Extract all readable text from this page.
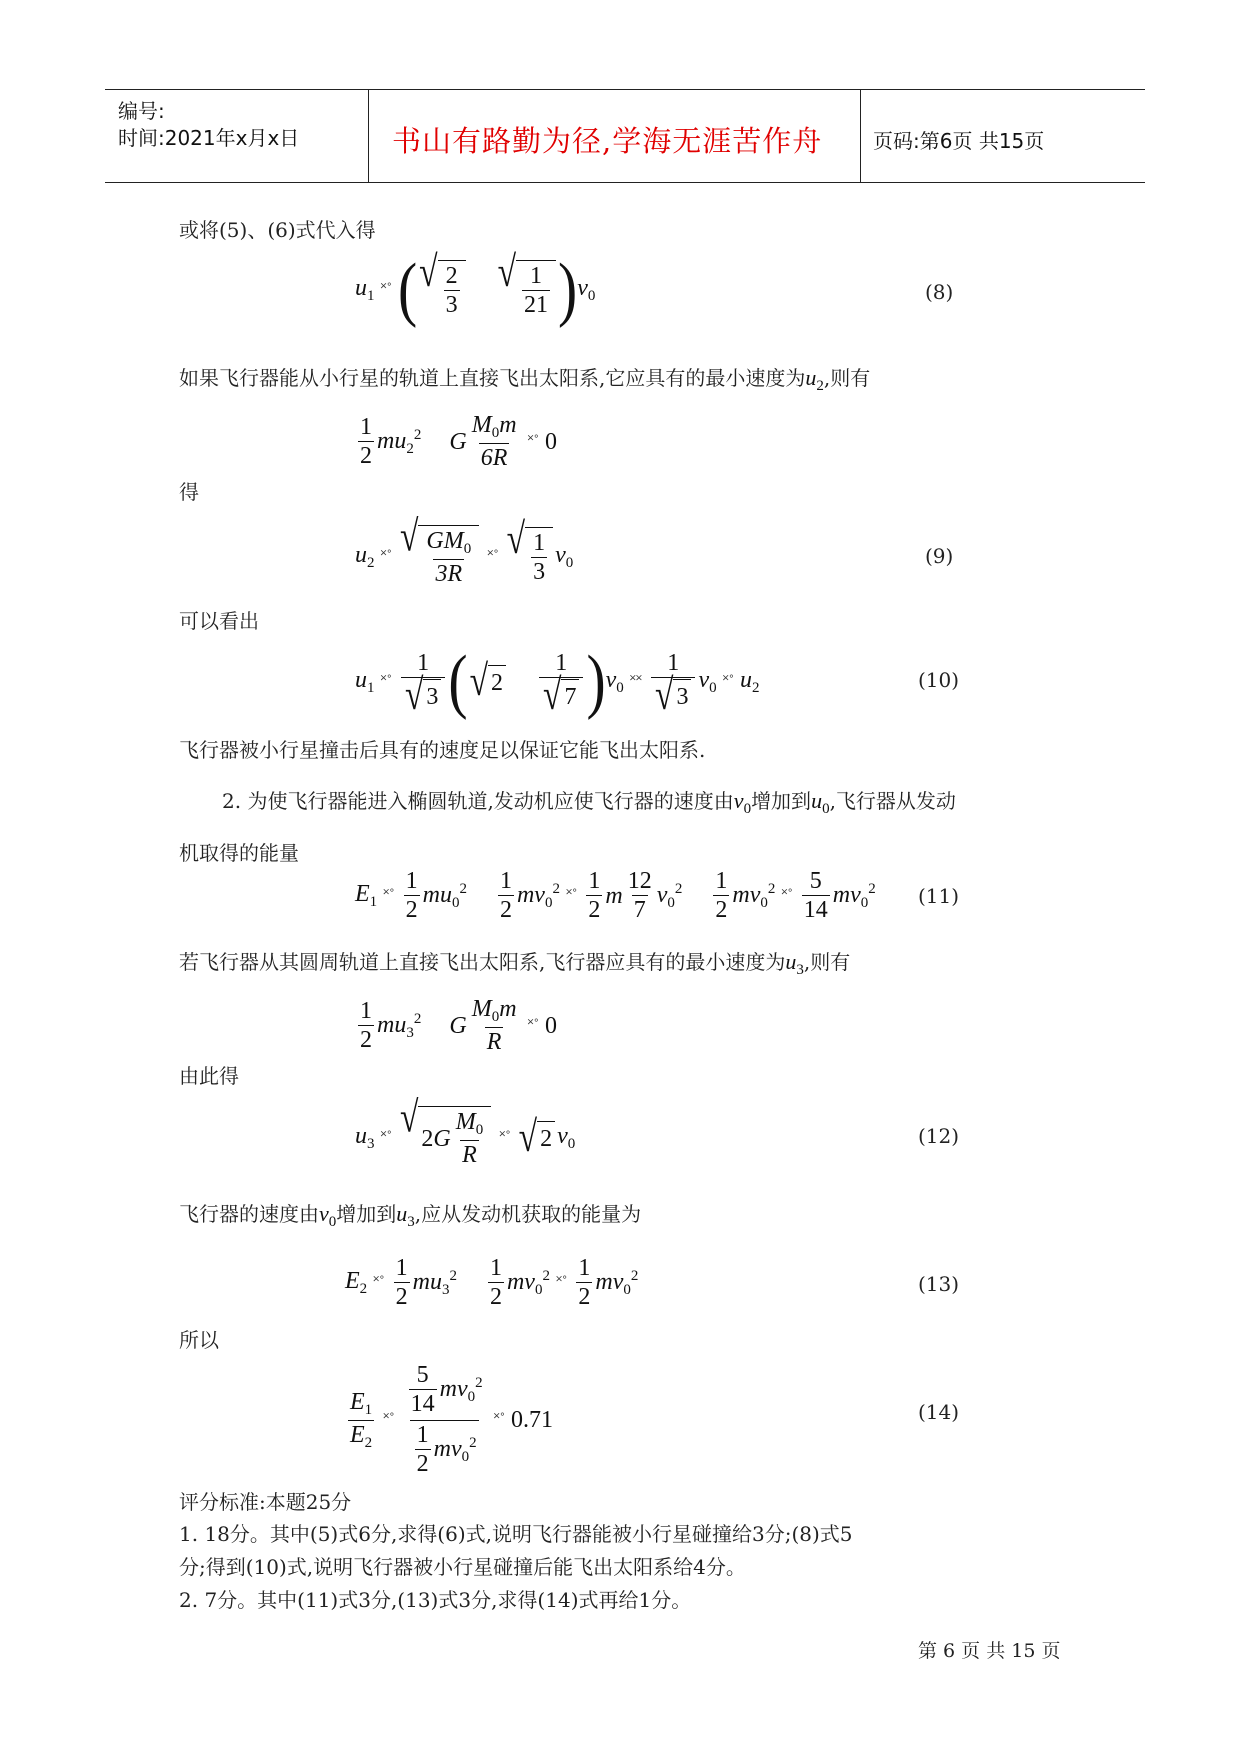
编号:
时间:2021年x月x日	书山有路勤为径,学海无涯苦作舟	页码:第6页 共15页
或将(5)、(6)式代入得
$u_1$ ˟˚ ( √ $\frac{2}{3}$ √ $\frac{1}{21}$ ) $v_0$	(8)
如果飞行器能从小行星的轨道上直接飞出太阳系,它应具有的最小速度为$u_2$,则有
$\frac{1}{2} mu_2^2$ G $\frac{M_0m}{6R}$ ˟˚ 0
得
$u_2$ ˟˚ √ $\frac{GM_0}{3R}$ ˟˚ √ $\frac{1}{3} v_0$	(9)
可以看出
$u_1$ ˟˚ $\frac{1}{√ 3}$ ( √ $2 \frac{1}{√ 7}$ ) $v_0$ ˟˟ $\frac{1}{√ 3} v_0$ ˟˚ $u_2$	(10)
飞行器被小行星撞击后具有的速度足以保证它能飞出太阳系.
2. 为使飞行器能进入椭圆轨道,发动机应使飞行器的速度由$v_0$增加到$u_0$,飞行器从发动
机取得的能量
$E_1$ ˟˚ $\frac{1}{2} mu_0^2 \frac{1}{2} mv_0^2$ ˟˚ $\frac{1}{2}$ m $\frac{12}{7} v_0^2 \frac{1}{2} mv_0^2$ ˟˚ $\frac{5}{14} mv_0^2$ (11)
若飞行器从其圆周轨道上直接飞出太阳系,飞行器应具有的最小速度为$u_3$,则有
$\frac{1}{2} mu_3^2$ G $\frac{M_0m}{R}$ ˟˚ 0
由此得
$u_3$ ˟˚ √ 2 G $\frac{M_0}{R}$ ˟˚ √ 2 $v_0$	(12)
飞行器的速度由$v_0$增加到$u_3$,应从发动机获取的能量为
$E_2$ ˟˚ $\frac{1}{2} mu_3^2 \frac{1}{2} mv_0^2$ ˟˚ $\frac{1}{2} mv_0^2$	(13)
所以
$\frac{E_1}{E_2}$ ˟˚ $\frac{\frac{5}{14} mv_0^2}{\frac{1}{2} mv_0^2}$ ˟˚ 0.71	(14)
评分标准:本题25分
1. 18分。其中(5)式6分,求得(6)式,说明飞行器能被小行星碰撞给3分;(8)式5
分;得到(10)式,说明飞行器被小行星碰撞后能飞出太阳系给4分。
2. 7分。其中(11)式3分,(13)式3分,求得(14)式再给1分。
第 6 页 共 15 页
